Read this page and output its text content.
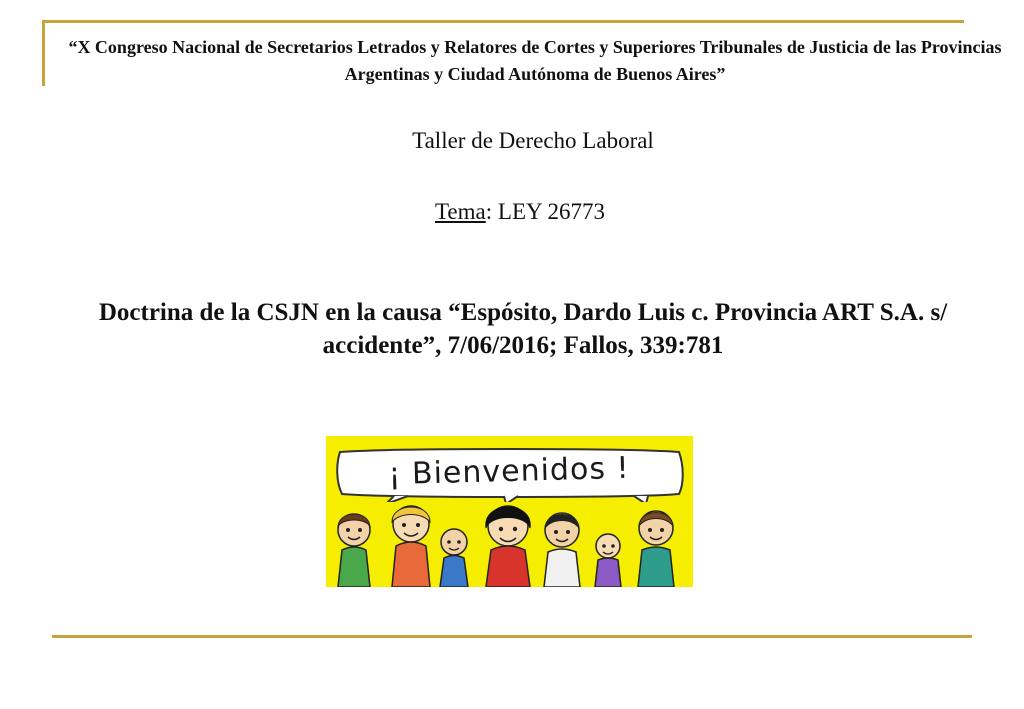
“X Congreso Nacional de Secretarios Letrados y Relatores de Cortes y Superiores Tribunales de Justicia de las Provincias Argentinas y Ciudad Autónoma de Buenos Aires”
Taller de Derecho Laboral
Tema: LEY 26773
Doctrina de la CSJN en la causa “Espósito, Dardo Luis c. Provincia ART S.A. s/ accidente”, 7/06/2016; Fallos, 339:781
¡ Bienvenidos !
